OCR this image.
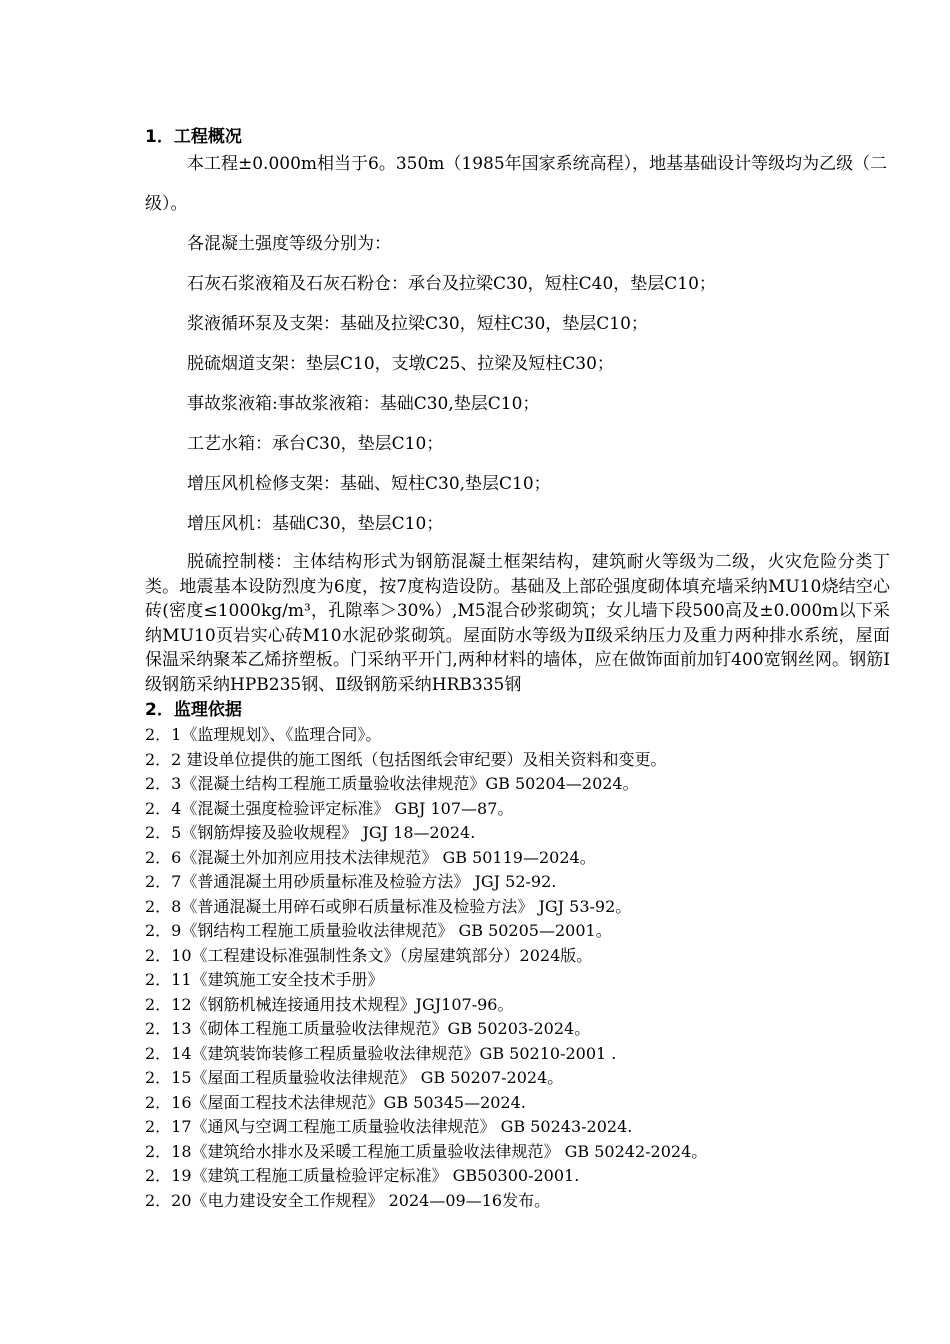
1．工程概况

本工程±0.000m相当于6。350m（1985年国家系统高程），地基基础设计等级均为乙级（二级）。

各混凝土强度等级分别为：

石灰石浆液箱及石灰石粉仓：承台及拉梁C30，短柱C40，垫层C10；

浆液循环泵及支架：基础及拉梁C30，短柱C30，垫层C10；

脱硫烟道支架：垫层C10，支墩C25、拉梁及短柱C30；

事故浆液箱:事故浆液箱：基础C30,垫层C10；

工艺水箱：承台C30，垫层C10；

增压风机检修支架：基础、短柱C30,垫层C10；

增压风机：基础C30，垫层C10；

脱硫控制楼：主体结构形式为钢筋混凝土框架结构，建筑耐火等级为二级，火灾危险分类丁类。地震基本设防烈度为6度，按7度构造设防。基础及上部砼强度砌体填充墙采纳MU10烧结空心砖(密度≤1000kg/m³，孔隙率＞30%）,M5混合砂浆砌筑；女儿墙下段500高及±0.000m以下采纳MU10页岩实心砖M10水泥砂浆砌筑。屋面防水等级为Ⅱ级采纳压力及重力两种排水系统，屋面保温采纳聚苯乙烯挤塑板。门采纳平开门,两种材料的墙体，应在做饰面前加钉400宽钢丝网。钢筋Ⅰ级钢筋采纳HPB235钢、Ⅱ级钢筋采纳HRB335钢

2．监理依据
2．1《监理规划》、《监理合同》。
2．2 建设单位提供的施工图纸（包括图纸会审纪要）及相关资料和变更。
2．3《混凝土结构工程施工质量验收法律规范》GB 50204—2024。
2．4《混凝土强度检验评定标准》 GBJ 107—87。
2．5《钢筋焊接及验收规程》 JGJ 18—2024.
2．6《混凝土外加剂应用技术法律规范》 GB 50119—2024。
2．7《普通混凝土用砂质量标准及检验方法》 JGJ 52-92.
2．8《普通混凝土用碎石或卵石质量标准及检验方法》 JGJ 53-92。
2．9《钢结构工程施工质量验收法律规范》 GB 50205—2001。
2．10《工程建设标准强制性条文》（房屋建筑部分）2024版。
2．11《建筑施工安全技术手册》
2．12《钢筋机械连接通用技术规程》JGJ107-96。
2．13《砌体工程施工质量验收法律规范》GB 50203-2024。
2．14《建筑装饰装修工程质量验收法律规范》GB 50210-2001 .
2．15《屋面工程质量验收法律规范》 GB 50207-2024。
2．16《屋面工程技术法律规范》GB 50345—2024.
2．17《通风与空调工程施工质量验收法律规范》 GB 50243-2024.
2．18《建筑给水排水及采暖工程施工质量验收法律规范》 GB 50242-2024。
2．19《建筑工程施工质量检验评定标准》 GB50300-2001.
2．20《电力建设安全工作规程》 2024—09—16发布。
